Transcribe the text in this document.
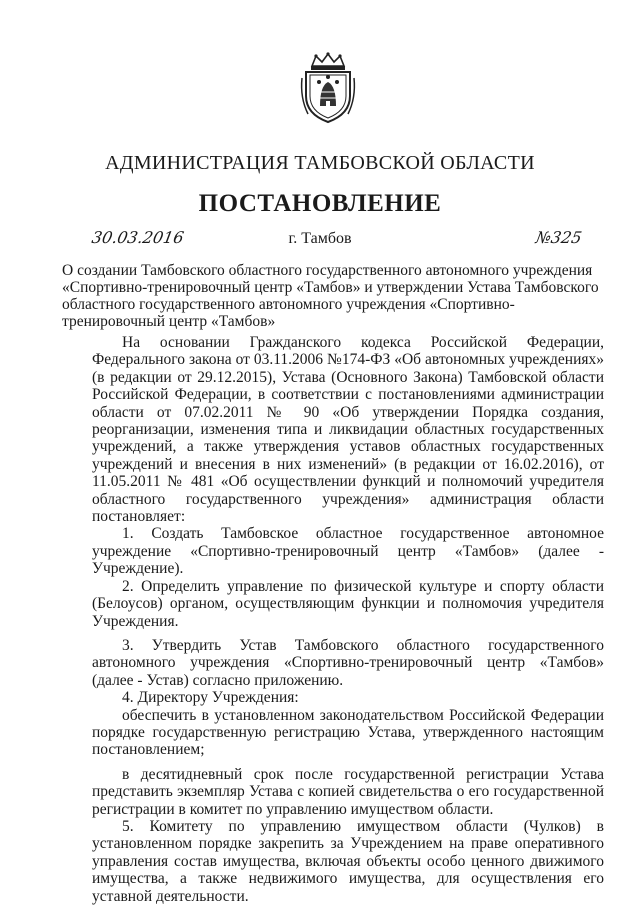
АДМИНИСТРАЦИЯ ТАМБОВСКОЙ ОБЛАСТИ
ПОСТАНОВЛЕНИЕ
30.03.2016	г. Тамбов	№325
О создании Тамбовского областного государственного автономного учреждения «Спортивно-тренировочный центр «Тамбов» и утверждении Устава Тамбовского областного государственного автономного учреждения «Спортивно-тренировочный центр «Тамбов»

На основании Гражданского кодекса Российской Федерации, Федерального закона от 03.11.2006 №174-ФЗ «Об автономных учреждениях» (в редакции от 29.12.2015), Устава (Основного Закона) Тамбовской области Российской Федерации, в соответствии с постановлениями администрации области от 07.02.2011 № 90 «Об утверждении Порядка создания, реорганизации, изменения типа и ликвидации областных государственных учреждений, а также утверждения уставов областных государственных учреждений и внесения в них изменений» (в редакции от 16.02.2016), от 11.05.2011 № 481 «Об осуществлении функций и полномочий учредителя областного государственного учреждения» администрация области постановляет:

1. Создать Тамбовское областное государственное автономное учреждение «Спортивно-тренировочный центр «Тамбов» (далее - Учреждение).

2. Определить управление по физической культуре и спорту области (Белоусов) органом, осуществляющим функции и полномочия учредителя Учреждения.

3. Утвердить Устав Тамбовского областного государственного автономного учреждения «Спортивно-тренировочный центр «Тамбов» (далее - Устав) согласно приложению.

4. Директору Учреждения:

обеспечить в установленном законодательством Российской Федерации порядке государственную регистрацию Устава, утвержденного настоящим постановлением;

в десятидневный срок после государственной регистрации Устава представить экземпляр Устава с копией свидетельства о его государственной регистрации в комитет по управлению имуществом области.

5. Комитету по управлению имуществом области (Чулков) в установленном порядке закрепить за Учреждением на праве оперативного управления состав имущества, включая объекты особо ценного движимого имущества, а также недвижимого имущества, для осуществления его уставной деятельности.
